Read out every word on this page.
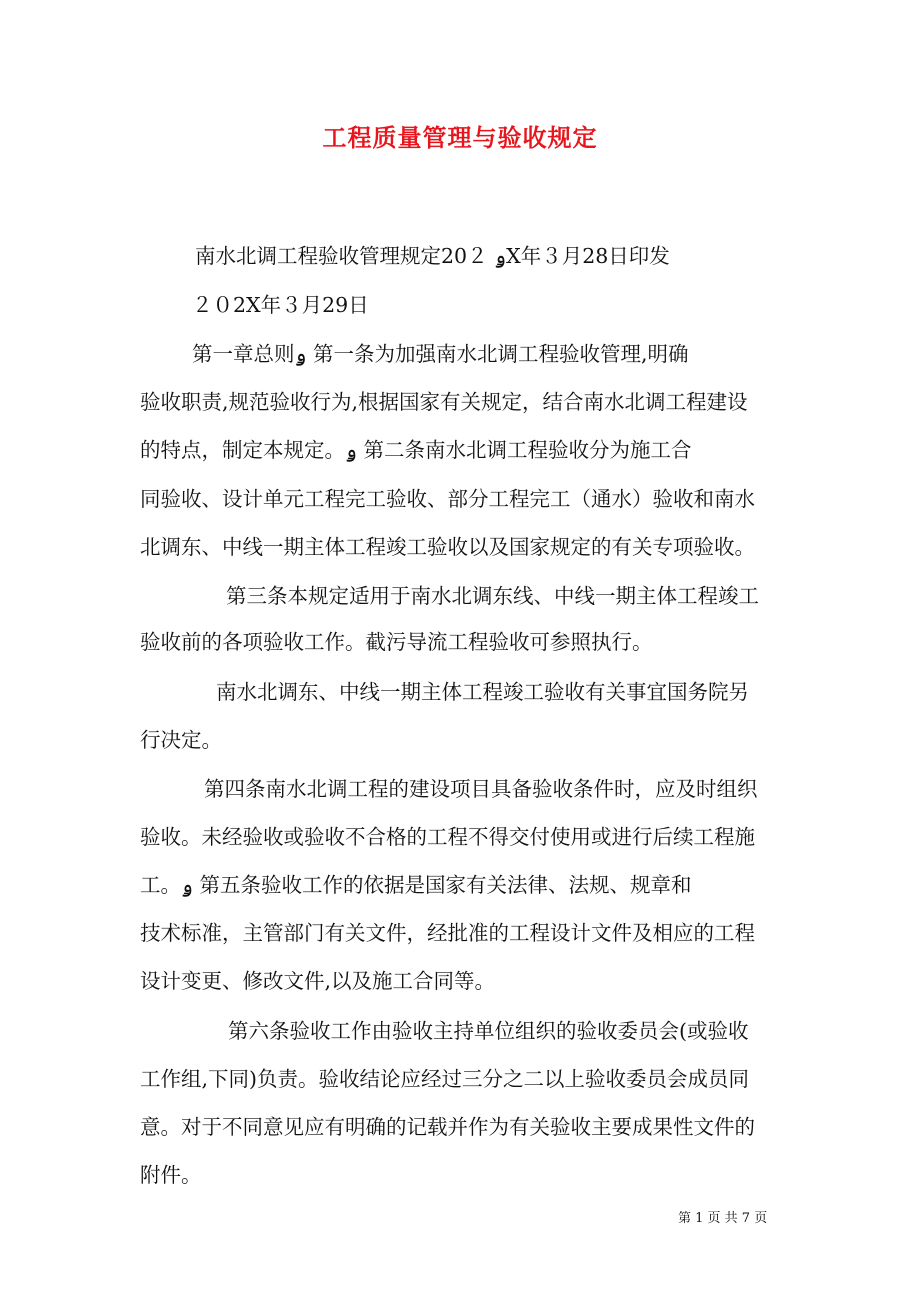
工程质量管理与验收规定
南水北调工程验收管理规定20２ ۅX年３月28日印发
２０2X年３月29日
第一章总则ۅ 第一条为加强南水北调工程验收管理,明确
验收职责,规范验收行为,根据国家有关规定，结合南水北调工程建设
的特点，制定本规定。ۅ 第二条南水北调工程验收分为施工合
同验收、设计单元工程完工验收、部分工程完工（通水）验收和南水
北调东、中线一期主体工程竣工验收以及国家规定的有关专项验收。
第三条本规定适用于南水北调东线、中线一期主体工程竣工
验收前的各项验收工作。截污导流工程验收可参照执行。
南水北调东、中线一期主体工程竣工验收有关事宜国务院另
行决定。
第四条南水北调工程的建设项目具备验收条件时，应及时组织
验收。未经验收或验收不合格的工程不得交付使用或进行后续工程施
工。ۅ 第五条验收工作的依据是国家有关法律、法规、规章和
技术标准，主管部门有关文件，经批准的工程设计文件及相应的工程
设计变更、修改文件,以及施工合同等。
第六条验收工作由验收主持单位组织的验收委员会(或验收
工作组,下同)负责。验收结论应经过三分之二以上验收委员会成员同
意。对于不同意见应有明确的记载并作为有关验收主要成果性文件的
附件。
第 1 页 共 7 页
